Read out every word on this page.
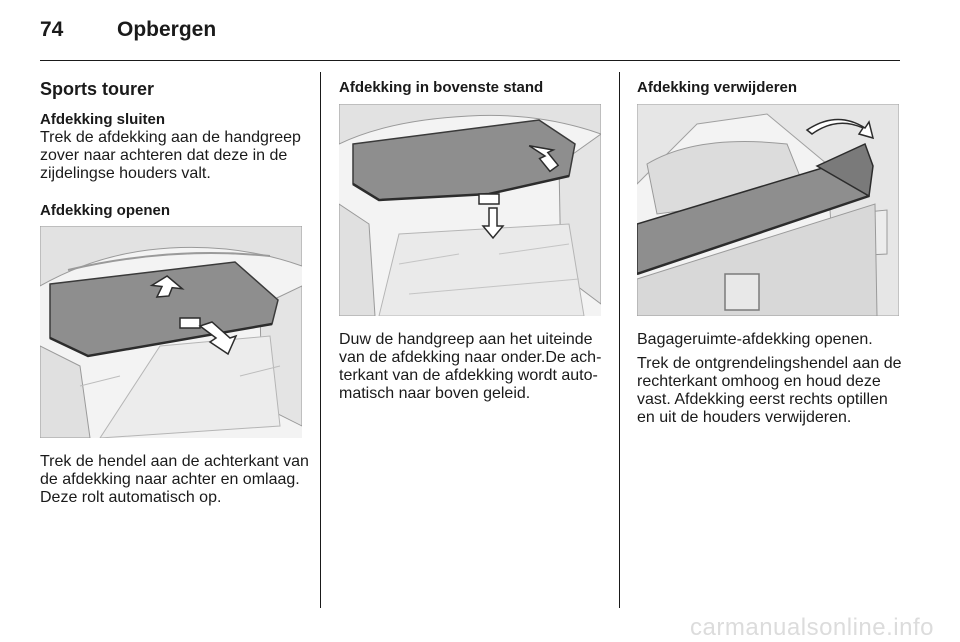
74	Opbergen
Sports tourer
Afdekking sluiten

Trek de afdekking aan de handgreep
zover naar achteren dat deze in de
zijdelingse houders valt.

Afdekking openen

Trek de hendel aan de achterkant van
de afdekking naar achter en omlaag.
Deze rolt automatisch op.

Afdekking in bovenste stand

Duw de handgreep aan het uiteinde
van de afdekking naar onder.De ach-
terkant van de afdekking wordt auto-
matisch naar boven geleid.

Afdekking verwijderen

Bagageruimte-afdekking openen.

Trek de ontgrendelingshendel aan de
rechterkant omhoog en houd deze
vast. Afdekking eerst rechts optillen
en uit de houders verwijderen.

carmanualsonline.info
